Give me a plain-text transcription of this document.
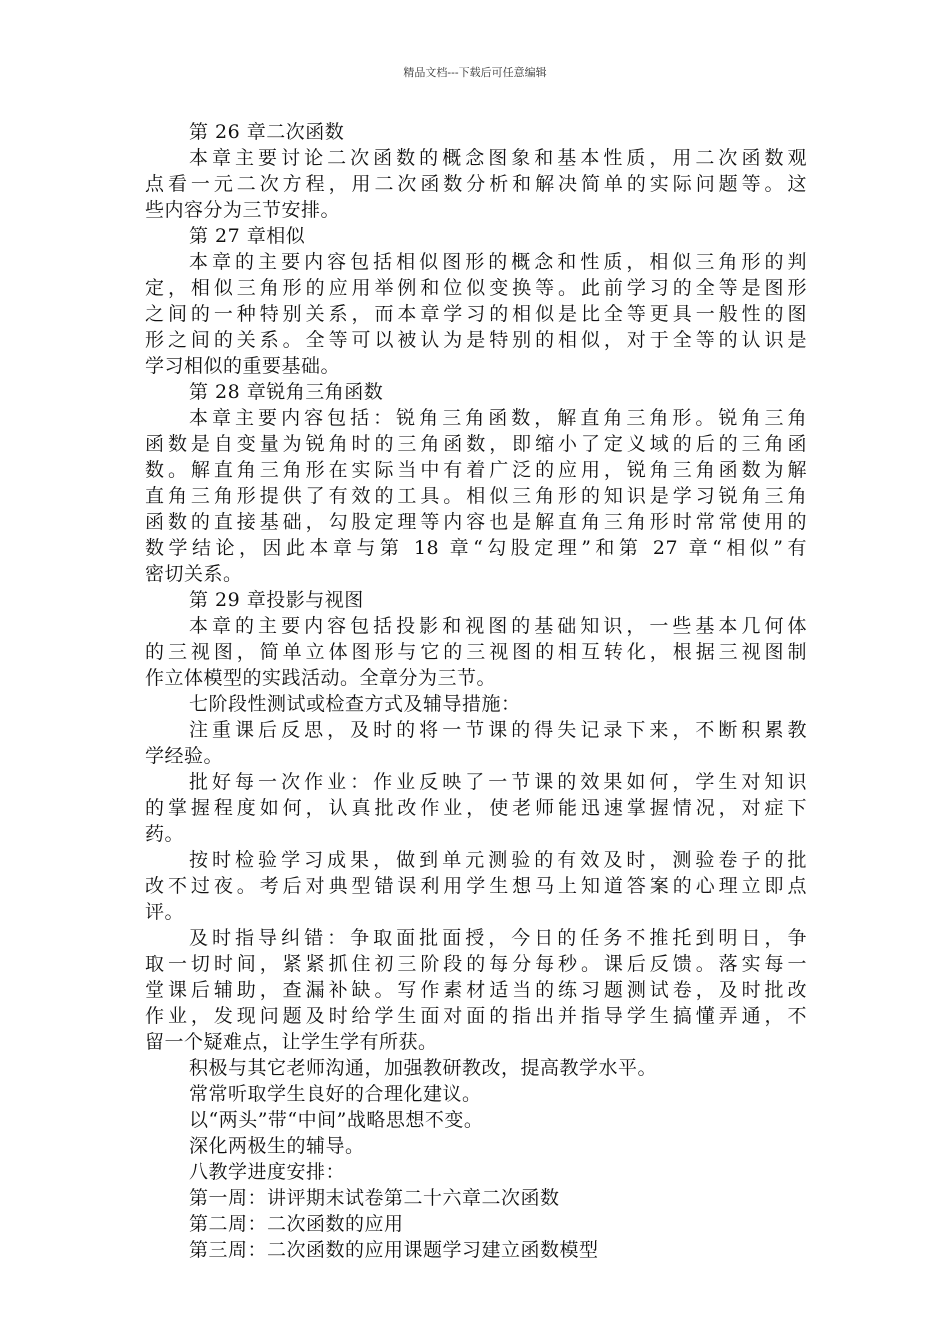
精品文档---下载后可任意编辑
第 26 章二次函数
本章主要讨论二次函数的概念图象和基本性质，用二次函数观
点看一元二次方程，用二次函数分析和解决简单的实际问题等。这
些内容分为三节安排。
第 27 章相似
本章的主要内容包括相似图形的概念和性质，相似三角形的判
定，相似三角形的应用举例和位似变换等。此前学习的全等是图形
之间的一种特别关系，而本章学习的相似是比全等更具一般性的图
形之间的关系。全等可以被认为是特别的相似，对于全等的认识是
学习相似的重要基础。
第 28 章锐角三角函数
本章主要内容包括：锐角三角函数，解直角三角形。锐角三角
函数是自变量为锐角时的三角函数，即缩小了定义域的后的三角函
数。解直角三角形在实际当中有着广泛的应用，锐角三角函数为解
直角三角形提供了有效的工具。相似三角形的知识是学习锐角三角
函数的直接基础，勾股定理等内容也是解直角三角形时常常使用的
数学结论，因此本章与第 18 章“勾股定理”和第 27 章“相似”有
密切关系。
第 29 章投影与视图
本章的主要内容包括投影和视图的基础知识，一些基本几何体
的三视图，简单立体图形与它的三视图的相互转化，根据三视图制
作立体模型的实践活动。全章分为三节。
七阶段性测试或检查方式及辅导措施：
注重课后反思，及时的将一节课的得失记录下来，不断积累教
学经验。
批好每一次作业：作业反映了一节课的效果如何，学生对知识
的掌握程度如何，认真批改作业，使老师能迅速掌握情况，对症下
药。
按时检验学习成果，做到单元测验的有效及时，测验卷子的批
改不过夜。考后对典型错误利用学生想马上知道答案的心理立即点
评。
及时指导纠错：争取面批面授，今日的任务不推托到明日，争
取一切时间，紧紧抓住初三阶段的每分每秒。课后反馈。落实每一
堂课后辅助，查漏补缺。写作素材适当的练习题测试卷，及时批改
作业，发现问题及时给学生面对面的指出并指导学生搞懂弄通，不
留一个疑难点，让学生学有所获。
积极与其它老师沟通，加强教研教改，提高教学水平。
常常听取学生良好的合理化建议。
以“两头”带“中间”战略思想不变。
深化两极生的辅导。
八教学进度安排：
第一周：讲评期末试卷第二十六章二次函数
第二周：二次函数的应用
第三周：二次函数的应用课题学习建立函数模型
